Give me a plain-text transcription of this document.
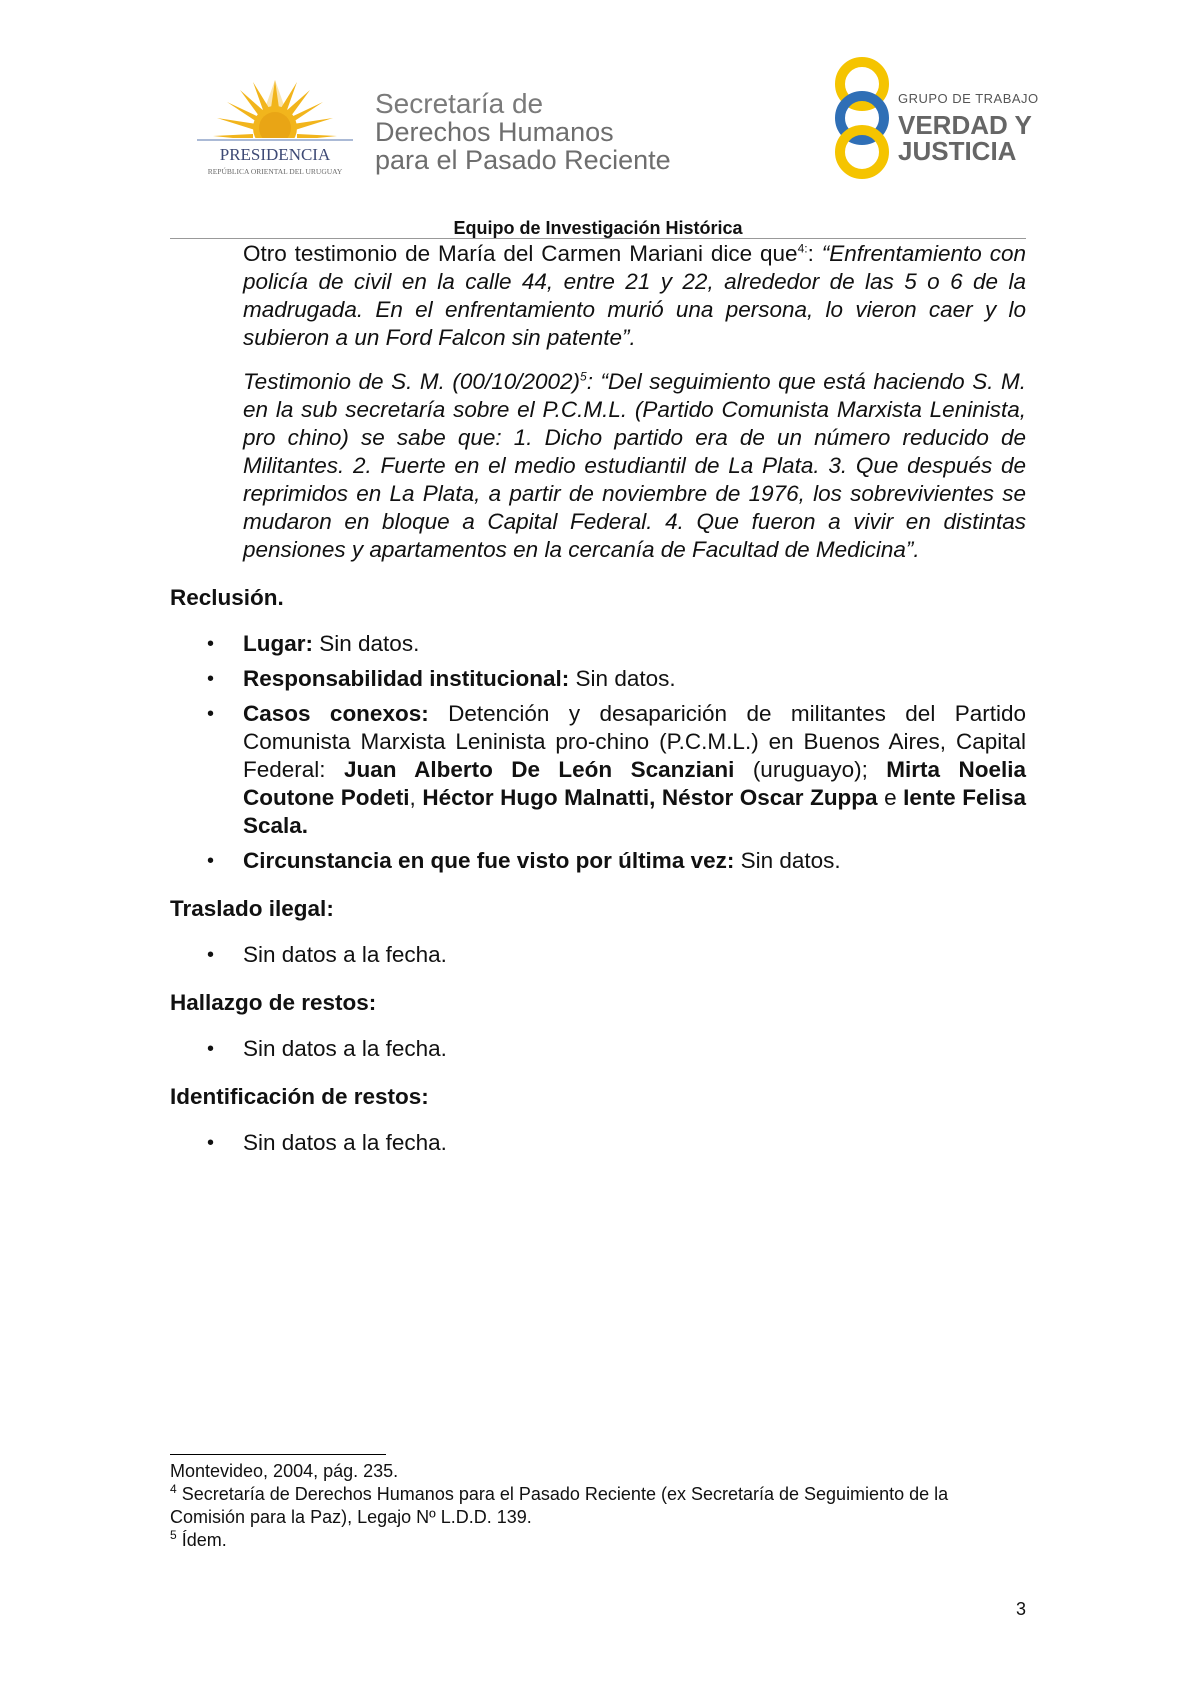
PRESIDENCIA
REPÚBLICA ORIENTAL DEL URUGUAY
Secretaría de
Derechos Humanos
para el Pasado Reciente
GRUPO DE TRABAJO
VERDAD Y
JUSTICIA
Equipo de Investigación Histórica

Otro testimonio de María del Carmen Mariani dice que$^{4:}$: “Enfrentamiento con policía de civil en la calle 44, entre 21 y 22, alrededor de las 5 o 6 de la madrugada. En el enfrentamiento murió una persona, lo vieron caer y lo subieron a un Ford Falcon sin patente”.

Testimonio de S. M. $(00/10/2002)^5$: “Del seguimiento que está haciendo S. M. en la sub secretaría sobre el P.C.M.L. (Partido Comunista Marxista Leninista, pro chino) se sabe que: 1. Dicho partido era de un número reducido de Militantes. 2. Fuerte en el medio estudiantil de La Plata. 3. Que después de reprimidos en La Plata, a partir de noviembre de 1976, los sobrevivientes se mudaron en bloque a Capital Federal. 4. Que fueron a vivir en distintas pensiones y apartamentos en la cercanía de Facultad de Medicina”.

Reclusión.
• Lugar: Sin datos.
• Responsabilidad institucional: Sin datos.
• Casos conexos: Detención y desaparición de militantes del Partido Comunista Marxista Leninista pro-chino (P.C.M.L.) en Buenos Aires, Capital Federal: Juan Alberto De León Scanziani (uruguayo); Mirta Noelia Coutone Podeti, Héctor Hugo Malnatti, Néstor Oscar Zuppa e Iente Felisa Scala.
• Circunstancia en que fue visto por última vez: Sin datos.
Traslado ilegal:
• Sin datos a la fecha.
Hallazgo de restos:
• Sin datos a la fecha.
Identificación de restos:
• Sin datos a la fecha.
Montevideo, 2004, pág. 235.
$^4$ Secretaría de Derechos Humanos para el Pasado Reciente (ex Secretaría de Seguimiento de la Comisión para la Paz), Legajo Nº L.D.D. 139.
$^5$ Ídem.
3
